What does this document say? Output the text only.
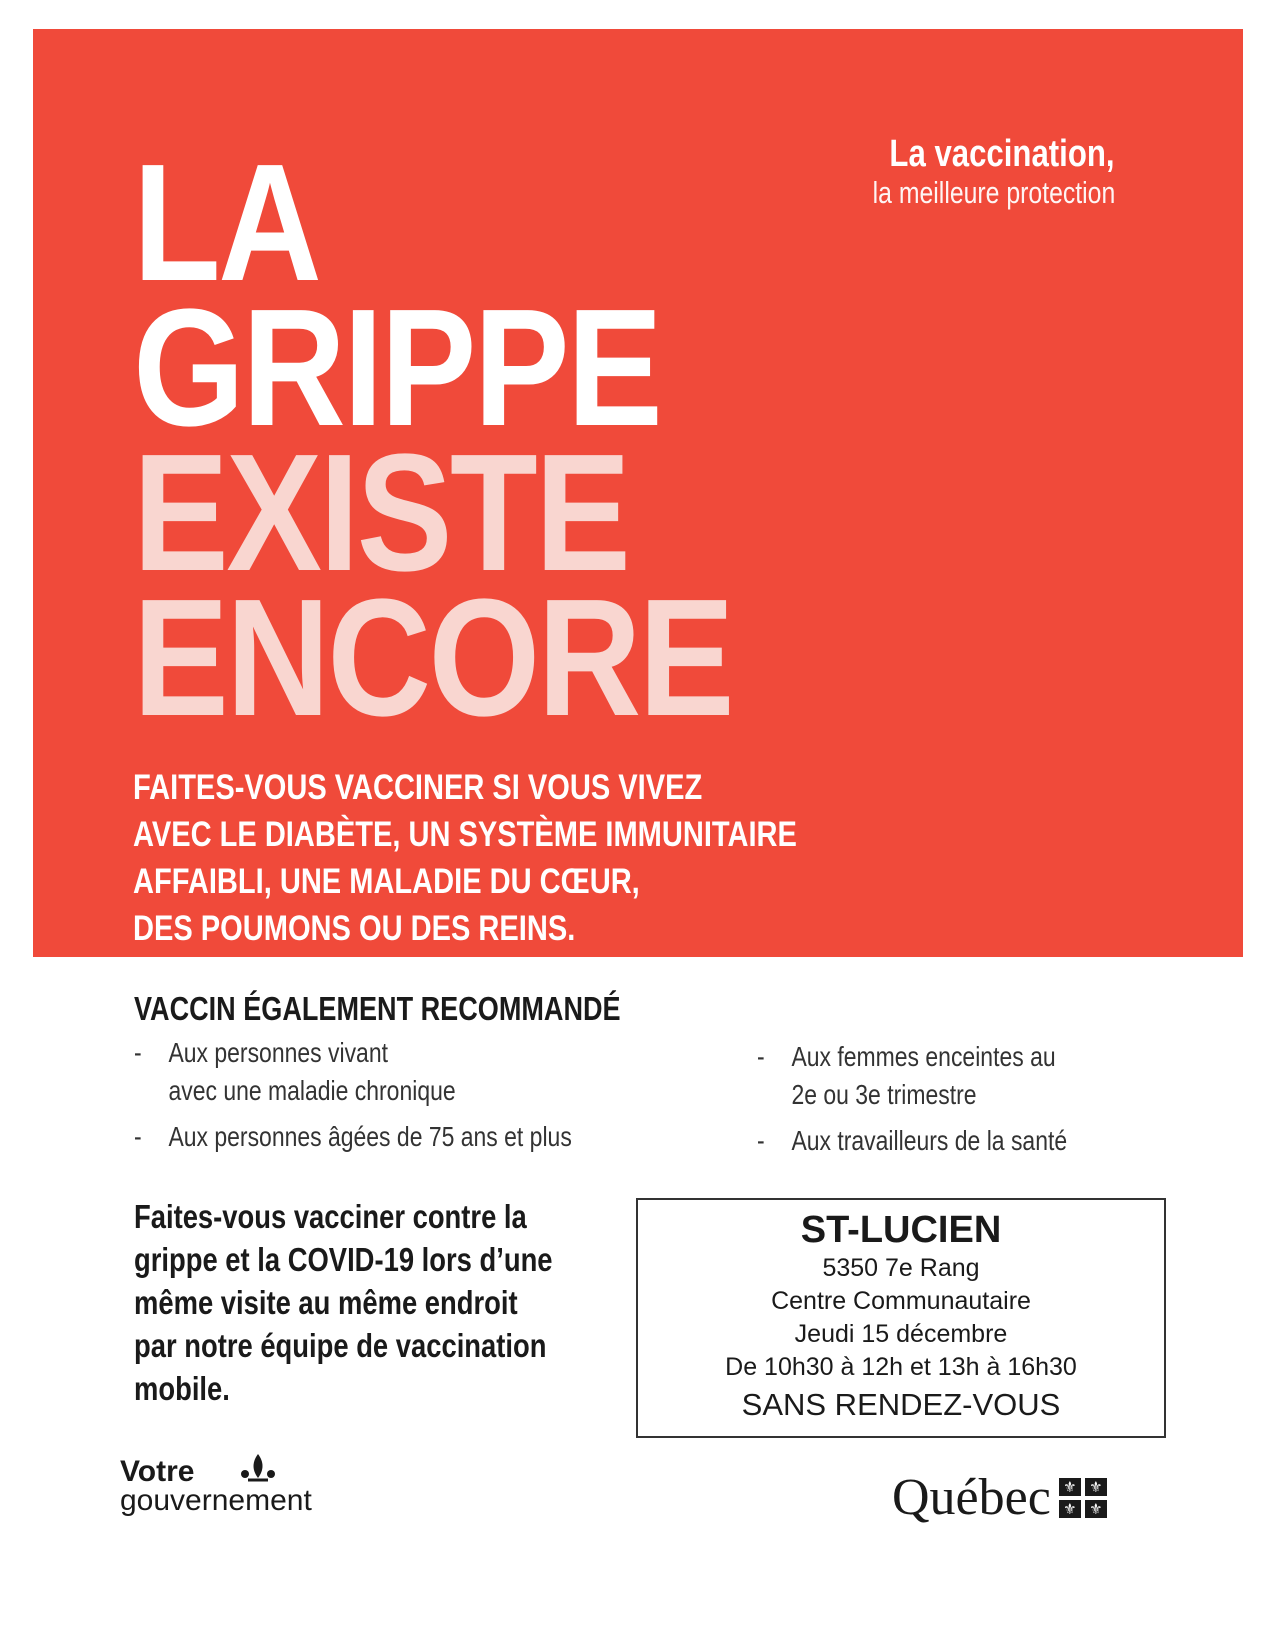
La vaccination,
la meilleure protection
LA
GRIPPE
EXISTE
ENCORE
FAITES-VOUS VACCINER SI VOUS VIVEZ
AVEC LE DIABÈTE, UN SYSTÈME IMMUNITAIRE
AFFAIBLI, UNE MALADIE DU CŒUR,
DES POUMONS OU DES REINS.
VACCIN ÉGALEMENT RECOMMANDÉ
- Aux personnes vivant
avec une maladie chronique
- Aux personnes âgées de 75 ans et plus
- Aux femmes enceintes au
2e ou 3e trimestre
- Aux travailleurs de la santé
Faites-vous vacciner contre la
grippe et la COVID-19 lors d’une
même visite au même endroit
par notre équipe de vaccination
mobile.
ST-LUCIEN
5350 7e Rang
Centre Communautaire
Jeudi 15 décembre
De 10h30 à 12h et 13h à 16h30
SANS RENDEZ-VOUS
Votre
gouvernement	Québec ⚜ ⚜
⚜ ⚜
